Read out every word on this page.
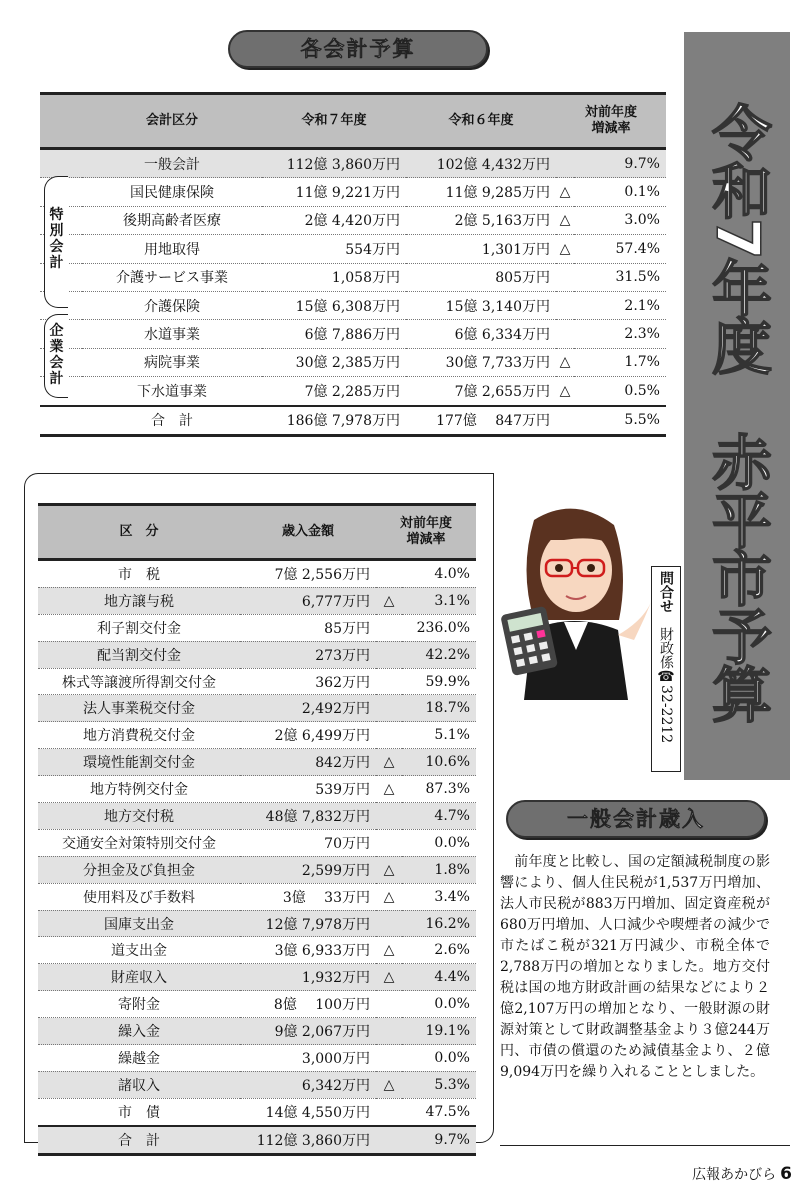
各会計予算
	会計区分	令和７年度	令和６年度	対前年度
増減率	
	一般会計	112億 3,860万円	102億 4,432万円		9.7%
	国民健康保険	11億 9,221万円	11億 9,285万円	△	0.1%
	後期高齢者医療	2億 4,420万円	2億 5,163万円	△	3.0%
	用地取得	554万円	1,301万円	△	57.4%
	介護サービス事業	1,058万円	805万円		31.5%
	介護保険	15億 6,308万円	15億 3,140万円		2.1%
	水道事業	6億 7,886万円	6億 6,334万円		2.3%
	病院事業	30億 2,385万円	30億 7,733万円	△	1.7%
	下水道事業	7億 2,285万円	7億 2,655万円	△	0.5%
	合　計	186億 7,978万円	177億　 847万円		5.5%
特
別
会
計
企
業
会
計	令和7年度　赤平市予算
区　分	歳入金額	対前年度
増減率	
市　税	7億 2,556万円		4.0%
地方譲与税	6,777万円	△	3.1%
利子割交付金	85万円		236.0%
配当割交付金	273万円		42.2%
株式等譲渡所得割交付金	362万円		59.9%
法人事業税交付金	2,492万円		18.7%
地方消費税交付金	2億 6,499万円		5.1%
環境性能割交付金	842万円	△	10.6%
地方特例交付金	539万円	△	87.3%
地方交付税	48億 7,832万円		4.7%
交通安全対策特別交付金	70万円		0.0%
分担金及び負担金	2,599万円	△	1.8%
使用料及び手数料	3億　 33万円	△	3.4%
国庫支出金	12億 7,978万円		16.2%
道支出金	3億 6,933万円	△	2.6%
財産収入	1,932万円	△	4.4%
寄附金	8億　 100万円		0.0%
繰入金	9億 2,067万円		19.1%
繰越金	3,000万円		0.0%
諸収入	6,342万円	△	5.3%
市　債	14億 4,550万円		47.5%
合　計	112億 3,860万円		9.7%
問合せ　財政係☎32-2212
一般会計歳入
　前年度と比較し、国の定額減税制度の影響により、個人住民税が1,537万円増加、法人市民税が883万円増加、固定資産税が680万円増加、人口減少や喫煙者の減少で市たばこ税が321万円減少、市税全体で2,788万円の増加となりました。地方交付税は国の地方財政計画の結果などにより２億2,107万円の増加となり、一般財源の財源対策として財政調整基金より３億244万円、市債の償還のため減債基金より、２億9,094万円を繰り入れることとしました。
広報あかびら 6
